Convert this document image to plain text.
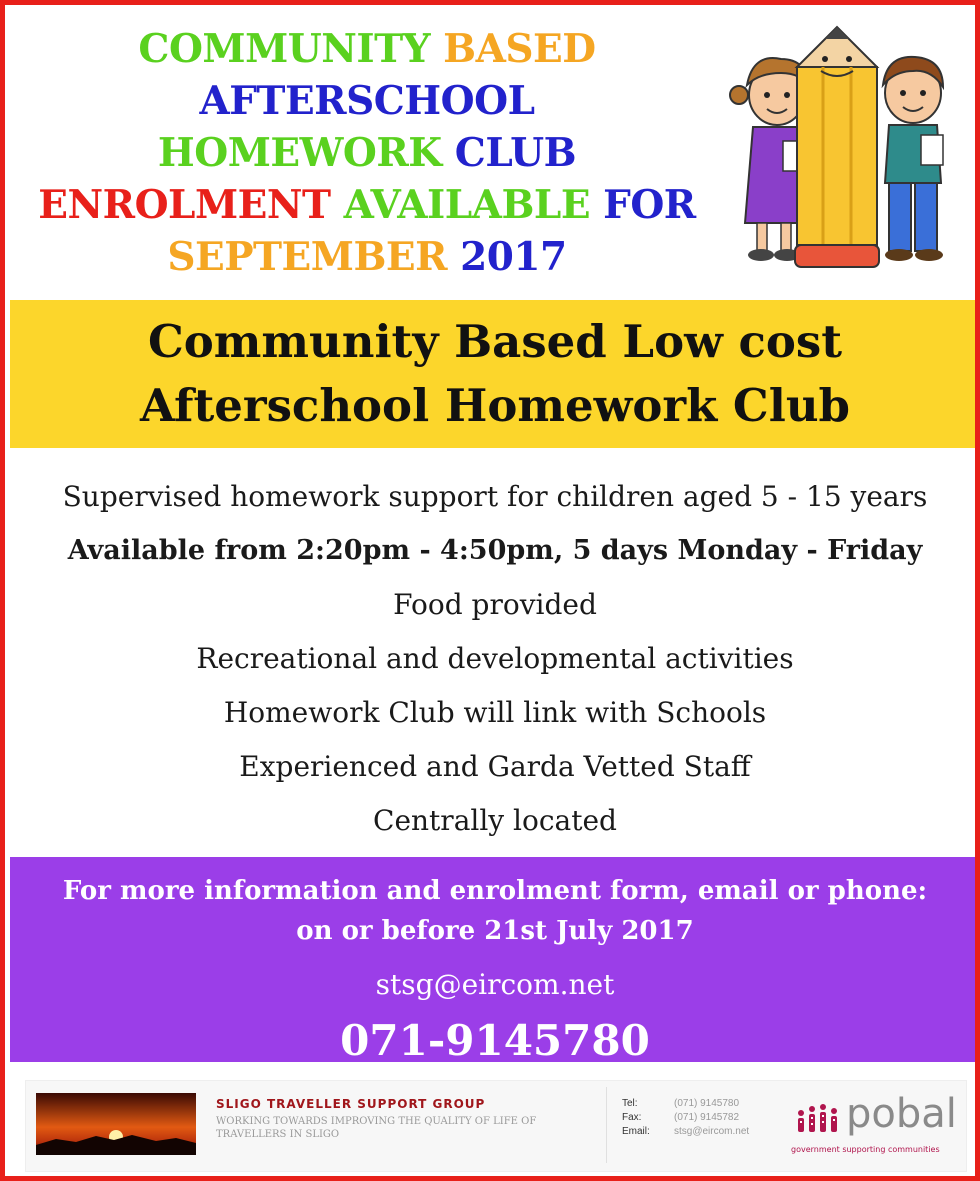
COMMUNITY BASED
AFTERSCHOOL
HOMEWORK CLUB
ENROLMENT AVAILABLE FOR
SEPTEMBER 2017
Community Based Low cost
Afterschool Homework Club
Supervised homework support for children aged 5 - 15 years
Available from 2:20pm - 4:50pm, 5 days Monday - Friday
Food provided
Recreational and developmental activities
Homework Club will link with Schools
Experienced and Garda Vetted Staff
Centrally located
For more information and enrolment form, email or phone:
on or before 21st July 2017
stsg@eircom.net
071-9145780
SLIGO TRAVELLER SUPPORT GROUP
WORKING TOWARDS IMPROVING THE QUALITY OF LIFE OF TRAVELLERS IN SLIGO
Tel:	(071) 9145780
Fax:	(071) 9145782
Email: stsg@eircom.net pobal
government supporting communities
